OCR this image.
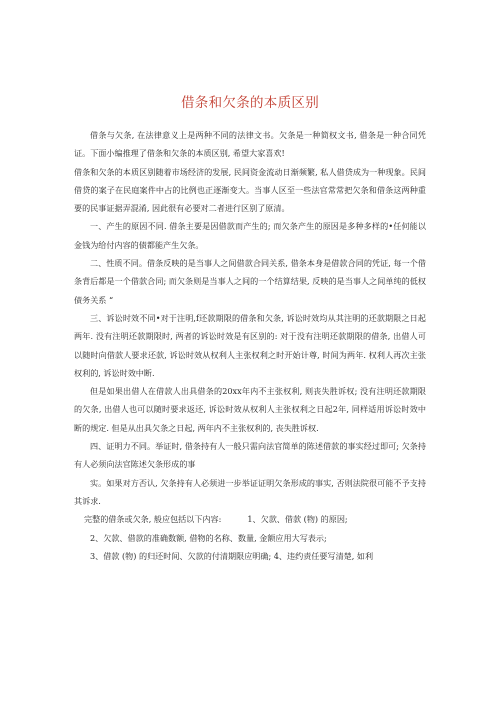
借条和欠条的本质区别

借条与欠条, 在法律意义上是两种不同的法律文书。欠条是一种简权文书, 借条是一种合同凭证。下面小编推理了借条和欠条的本质区别, 希望大家喜欢!

借条和欠条的本质区别随着市场经济的发展, 民间资金流动日渐频繁, 私人借贷成为一种现象。民间借贷的案子在民庭案件中占的比例也正逐渐变大。当事人区至一些法官常常把欠条和借条这两种重要的民事证据弄混淆, 因此很有必要对二者进行区别了原清。

一、产生的原因不同. 借条主要是因借款而产生的; 而欠条产生的原因是多种多样的•任何能以金钱为给付内容的债都能产生欠条。

二、性质不同。借条反映的是当事人之间借款合同关系, 借条本身是借款合同的凭证, 每一个借条背后都是一个借款合同; 而欠条则是当事人之间的一个结算结果, 反映的是当事人之间单纯的低权债务关系 “

三、诉讼时效不同•对于注明,f还款期限的借条和欠条, 诉讼时效均从其注明的还款期限之日起两年. 没有注明还款期限时, 两者的诉讼时效是有区别的: 对于没有注明还款期限的借条, 出借人可以随时向借款人要求还款, 诉讼时效从权利人主张权利之时开始计尊, 时间为两年. 权利人再次主张权利的, 诉讼时效中断.

但是如果出借人在借款人出具借条的20xx年内不主张权利, 则丧失胜诉权; 没有注明还款期限的欠条, 出借人也可以随时要求返还, 诉讼时效从权利人主张权利之日起2年, 同样适用诉讼时效中断的规定. 但是从出具欠条之日起, 两年内不主张权利的, 丧失胜诉权.

四、证明力不同。举证时, 借条持有人一般只需向法官简单的陈述借款的事实经过即可; 欠条持有人必须向法官陈述欠条形成的事

实。如果对方否认, 欠条持有人必须进一步举证证明欠条形成的事实, 否则法院很可能不予支持其诉求.

完整的借条或欠条, 般应包括以下内容:	1、欠款、借款 (物) 的原因;

2、欠款、借款的准确数额, 借物的名称、数量, 金额应用大写表示;

3、借款 (物) 的归还时间、欠款的付清期限应明确; 4、违约责任要写清楚, 如利
